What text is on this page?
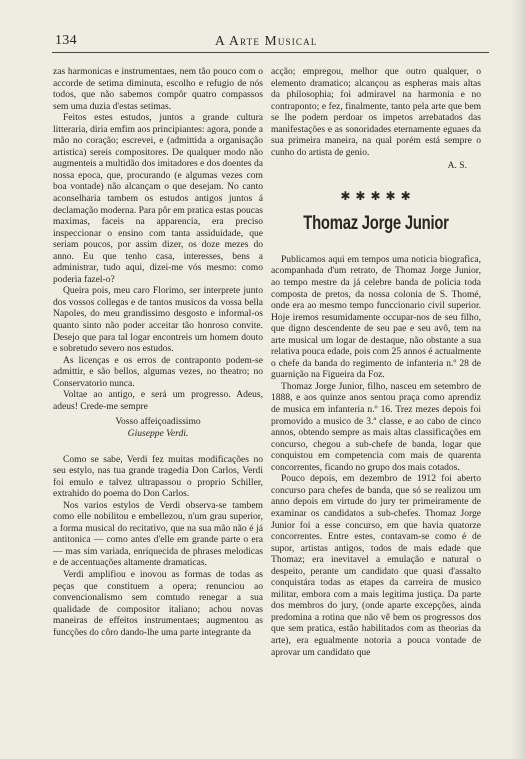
134	A Arte Musical

zas harmonicas e instrumentaes, nem tão pouco com o accorde de setima diminuta, escolho e refugio de nós todos, que não sabemos compôr quatro compassos sem uma duzia d'estas setimas.

Feitos estes estudos, juntos a grande cultura litteraria, diria emfim aos principiantes: agora, ponde a mão no coração; escrevei, e (admittida a organisação artistica) sereis compositores. De qualquer modo não augmenteis a multidão dos imitadores e dos doentes da nossa epoca, que, procurando (e algumas vezes com boa vontade) não alcançam o que desejam. No canto aconselharia tambem os estudos antigos juntos á declamação moderna. Para pôr em pratica estas poucas maximas, faceis na apparencia, era preciso inspeccionar o ensino com tanta assiduidade, que seriam poucos, por assim dizer, os doze mezes do anno. Eu que tenho casa, interesses, bens a administrar, tudo aqui, dizei-me vós mesmo: como poderia fazel-o?

Queira pois, meu caro Florimo, ser interprete junto dos vossos collegas e de tantos musicos da vossa bella Napoles, do meu grandissimo desgosto e informal-os quanto sinto não poder acceitar tão honroso convite. Desejo que para tal logar encontreis um homem douto e sobretudo severo nos estudos.

As licenças e os erros de contraponto podem-se admittir, e são bellos, algumas vezes, no theatro; no Conservatorio nunca.

Voltae ao antigo, e será um progresso. Adeus, adeus! Crede-me sempre

Vosso affeiçoadissimo

Giuseppe Verdi.

Como se sabe, Verdi fez muitas modificações no seu estylo, nas tua grande tragedia Don Carlos, Verdi foi emulo e talvez ultrapassou o proprio Schiller, extrahido do poema do Don Carlos.

Nos varios estylos de Verdi observa-se tambem como elle nobilitou e embellezou, n'um grau superior, a forma musical do recitativo, que na sua mão não é já antitonica — como antes d'elle em grande parte o era — mas sim variada, enriquecida de phrases melodicas e de accentuações altamente dramaticas.

Verdi amplifiou e inovou as formas de todas as peças que constituem a opera; renunciou ao convencionalismo sem comtudo renegar a sua qualidade de compositor italiano; achou novas maneiras de effeitos instrumentaes; augmentou as funcções do côro dando-lhe uma parte integrante da

acção; empregou, melhor que outro qualquer, o elemento dramatico; alcançou as espheras mais altas da philosophia; foi admiravel na harmonia e no contraponto; e fez, finalmente, tanto pela arte que bem se lhe podem perdoar os impetos arrebatados das manifestações e as sonoridades eternamente eguaes da sua primeira maneira, na qual porém está sempre o cunho do artista de genio.

A. S.

✱ ✱ ✱ ✱ ✱
Thomaz Jorge Junior

Publicamos aqui em tempos uma noticia biografica, acompanhada d'um retrato, de Thomaz Jorge Junior, ao tempo mestre da já celebre banda de policia toda composta de pretos, da nossa colonia de S. Thomé, onde era ao mesmo tempo funccionario civil superior. Hoje iremos resumidamente occupar-nos de seu filho, que digno descendente de seu pae e seu avô, tem na arte musical um logar de destaque, não obstante a sua relativa pouca edade, pois com 25 annos é actualmente o chefe da banda do regimento de infanteria n.º 28 de guarnição na Figueira da Foz.

Thomaz Jorge Junior, filho, nasceu em setembro de 1888, e aos quinze anos sentou praça como aprendiz de musica em infanteria n.º 16. Trez mezes depois foi promovido a musico de 3.ª classe, e ao cabo de cinco annos, obtendo sempre as mais altas classificações em concurso, chegou a sub-chefe de banda, logar que conquistou em competencia com mais de quarenta concorrentes, ficando no grupo dos mais cotados.

Pouco depois, em dezembro de 1912 foi aberto concurso para chefes de banda, que só se realizou um anno depois em virtude do jury ter primeiramente de examinar os candidatos a sub-chefes. Thomaz Jorge Junior foi a esse concurso, em que havia quatorze concorrentes. Entre estes, contavam-se como é de supor, artistas antigos, todos de mais edade que Thomaz; era inevitavel a emulação e natural o despeito, perante um candidato que quasi d'assalto conquistára todas as etapes da carreira de musico militar, embora com a mais legitima justiça. Da parte dos membros do jury, (onde aparte excepções, ainda predomina a rotina que não vê bem os progressos dos que sem pratica, estão habilitados com as theorias da arte), era egualmente notoria a pouca vontade de aprovar um candidato que
